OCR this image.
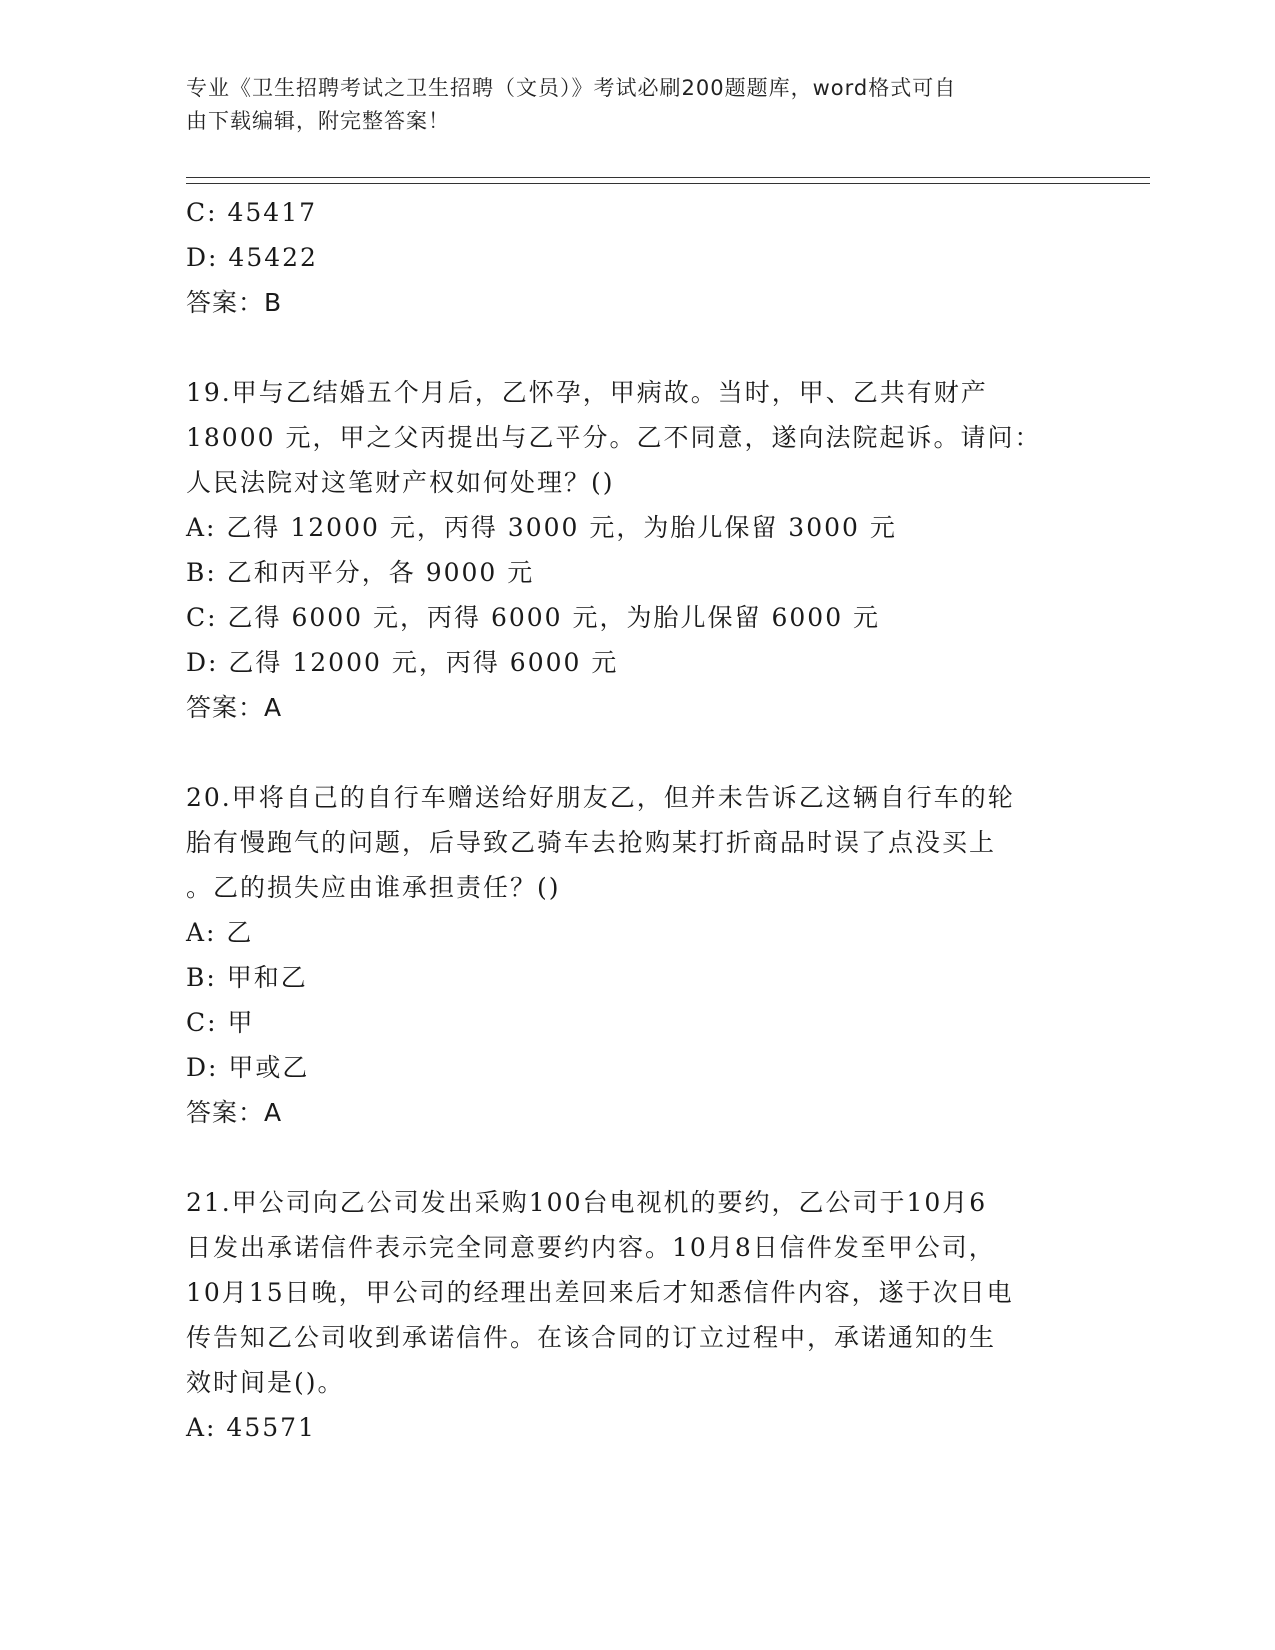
专业《卫生招聘考试之卫生招聘（文员）》考试必刷200题题库，word格式可自
由下载编辑，附完整答案！
C: 45417
D: 45422
答案：B
19.甲与乙结婚五个月后，乙怀孕，甲病故。当时，甲、乙共有财产
18000 元，甲之父丙提出与乙平分。乙不同意，遂向法院起诉。请问：
人民法院对这笔财产权如何处理？()
A: 乙得 12000 元，丙得 3000 元，为胎儿保留 3000 元
B: 乙和丙平分，各 9000 元
C: 乙得 6000 元，丙得 6000 元，为胎儿保留 6000 元
D: 乙得 12000 元，丙得 6000 元
答案：A
20.甲将自己的自行车赠送给好朋友乙，但并未告诉乙这辆自行车的轮
胎有慢跑气的问题，后导致乙骑车去抢购某打折商品时误了点没买上
。乙的损失应由谁承担责任？()
A: 乙
B: 甲和乙
C: 甲
D: 甲或乙
答案：A
21.甲公司向乙公司发出采购100台电视机的要约，乙公司于10月6
日发出承诺信件表示完全同意要约内容。10月8日信件发至甲公司，
10月15日晚，甲公司的经理出差回来后才知悉信件内容，遂于次日电
传告知乙公司收到承诺信件。在该合同的订立过程中，承诺通知的生
效时间是()。
A: 45571
